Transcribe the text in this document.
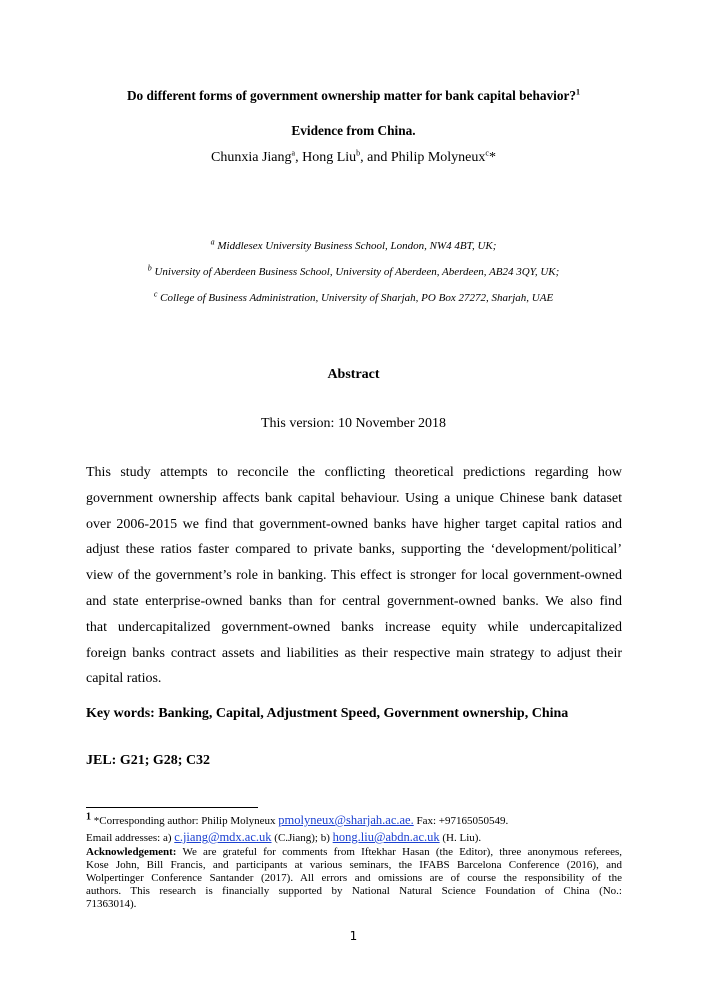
Do different forms of government ownership matter for bank capital behavior?$^1$
Evidence from China.
Chunxia Jiang$^a$, Hong Liu$^b$, and Philip Molyneux$^c$*
$^a$ Middlesex University Business School, London, NW4 4BT, UK;
$^b$ University of Aberdeen Business School, University of Aberdeen, Aberdeen, AB24 3QY, UK;
$^c$ College of Business Administration, University of Sharjah, PO Box 27272, Sharjah, UAE
Abstract
This version: 10 November 2018
This study attempts to reconcile the conflicting theoretical predictions regarding how
government ownership affects bank capital behaviour. Using a unique Chinese bank dataset
over 2006-2015 we find that government-owned banks have higher target capital ratios and
adjust these ratios faster compared to private banks, supporting the ‘development/political’
view of the government’s role in banking. This effect is stronger for local government-owned
and state enterprise-owned banks than for central government-owned banks. We also find
that undercapitalized government-owned banks increase equity while undercapitalized
foreign banks contract assets and liabilities as their respective main strategy to adjust their
capital ratios.
Key words: Banking, Capital, Adjustment Speed, Government ownership, China
JEL: G21; G28; C32
1 *Corresponding author: Philip Molyneux pmolyneux@sharjah.ac.ae. Fax: +97165050549.
Email addresses: a) c.jiang@mdx.ac.uk (C.Jiang); b) hong.liu@abdn.ac.uk (H. Liu).
Acknowledgement: We are grateful for comments from Iftekhar Hasan (the Editor), three anonymous referees,
Kose John, Bill Francis, and participants at various seminars, the IFABS Barcelona Conference (2016), and
Wolpertinger Conference Santander (2017). All errors and omissions are of course the responsibility of the
authors. This research is financially supported by National Natural Science Foundation of China (No.:
71363014).
1
